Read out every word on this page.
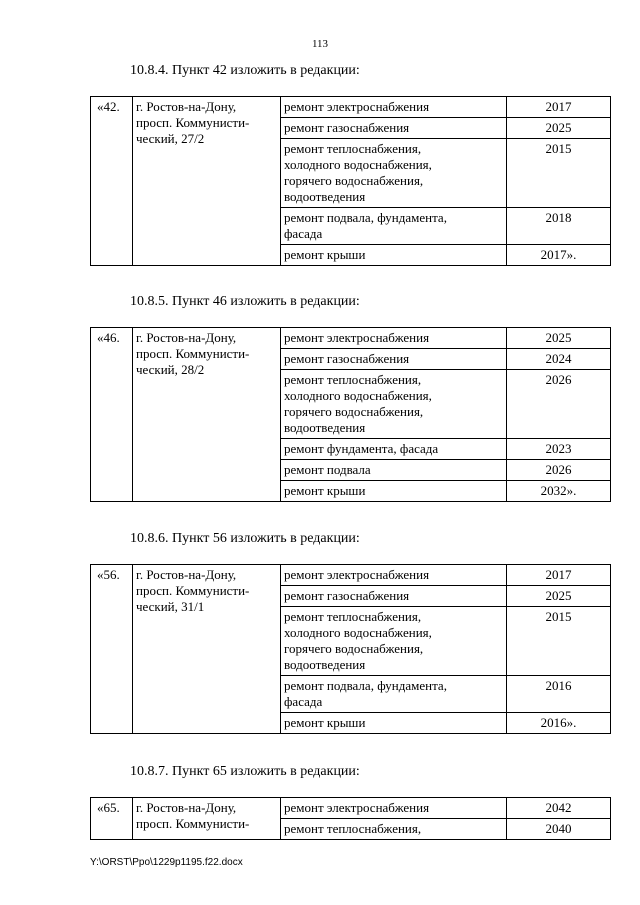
113
10.8.4. Пункт 42 изложить в редакции:
«42.	г. Ростов-на-Дону,
просп. Коммунисти-
ческий, 27/2	ремонт электроснабжения	2017
		ремонт газоснабжения	2025

		ремонт теплоснабжения,
холодного водоснабжения,
горячего водоснабжения,
водоотведения	2015

		ремонт подвала, фундамента,
фасада	2018
		ремонт крыши	2017».
10.8.5. Пункт 46 изложить в редакции:
«46.	г. Ростов-на-Дону,
просп. Коммунисти-
ческий, 28/2	ремонт электроснабжения	2025
		ремонт газоснабжения	2024

		ремонт теплоснабжения,
холодного водоснабжения,
горячего водоснабжения,
водоотведения	2026
		ремонт фундамента, фасада	2023
		ремонт подвала	2026
		ремонт крыши	2032».
10.8.6. Пункт 56 изложить в редакции:
«56.	г. Ростов-на-Дону,
просп. Коммунисти-
ческий, 31/1	ремонт электроснабжения	2017
		ремонт газоснабжения	2025

		ремонт теплоснабжения,
холодного водоснабжения,
горячего водоснабжения,
водоотведения	2015

		ремонт подвала, фундамента,
фасада	2016
		ремонт крыши	2016».
10.8.7. Пункт 65 изложить в редакции:
«65.	г. Ростов-на-Дону,
просп. Коммунисти-	ремонт электроснабжения	2042
		ремонт теплоснабжения,	2040
Y:\ORST\Ppo\1229p1195.f22.docx
